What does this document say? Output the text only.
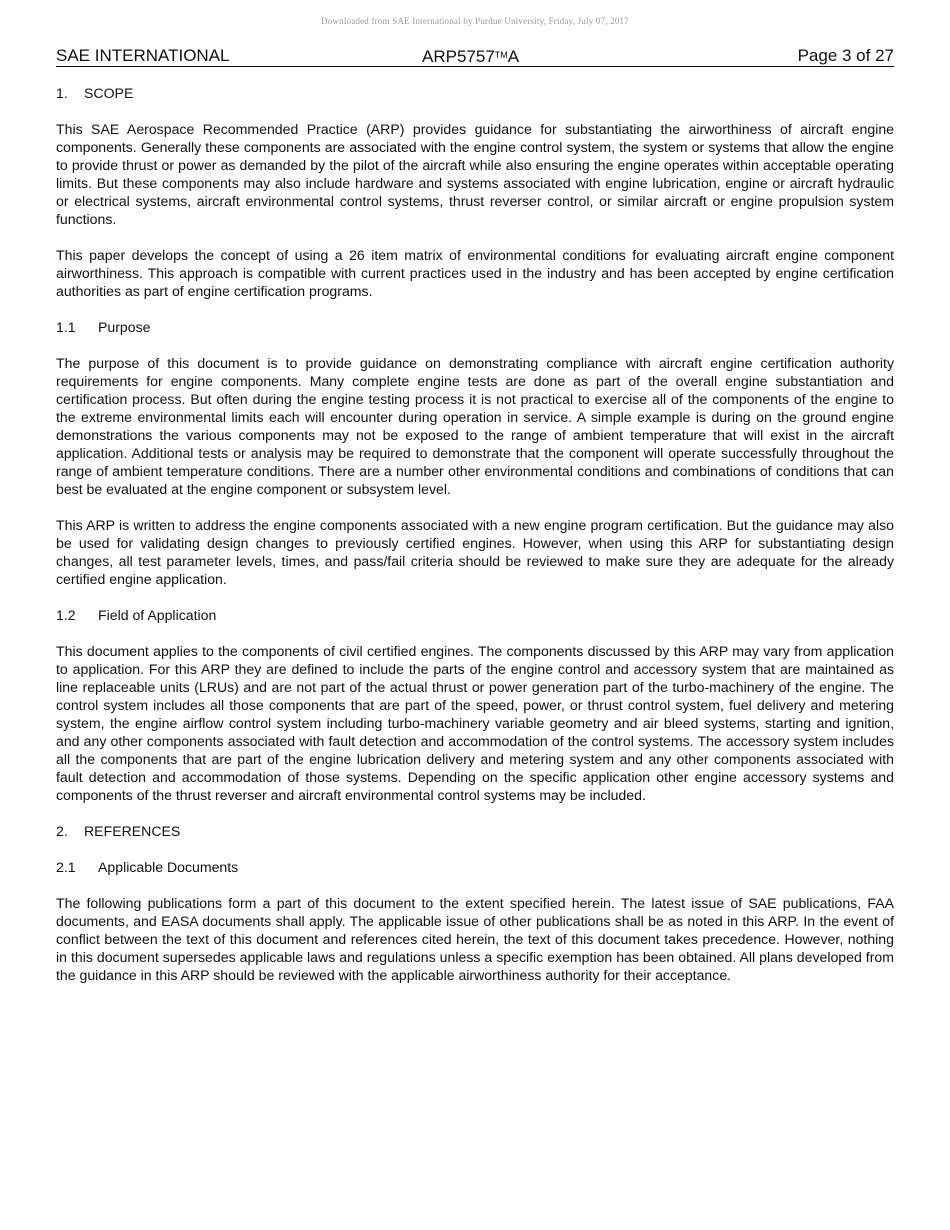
Downloaded from SAE International by Purdue University, Friday, July 07, 2017
SAE INTERNATIONAL	ARP5757™A	Page 3 of 27
1. SCOPE

This SAE Aerospace Recommended Practice (ARP) provides guidance for substantiating the airworthiness of aircraft engine components. Generally these components are associated with the engine control system, the system or systems that allow the engine to provide thrust or power as demanded by the pilot of the aircraft while also ensuring the engine operates within acceptable operating limits. But these components may also include hardware and systems associated with engine lubrication, engine or aircraft hydraulic or electrical systems, aircraft environmental control systems, thrust reverser control, or similar aircraft or engine propulsion system functions.

This paper develops the concept of using a 26 item matrix of environmental conditions for evaluating aircraft engine component airworthiness. This approach is compatible with current practices used in the industry and has been accepted by engine certification authorities as part of engine certification programs.

1.1 Purpose

The purpose of this document is to provide guidance on demonstrating compliance with aircraft engine certification authority requirements for engine components. Many complete engine tests are done as part of the overall engine substantiation and certification process. But often during the engine testing process it is not practical to exercise all of the components of the engine to the extreme environmental limits each will encounter during operation in service. A simple example is during on the ground engine demonstrations the various components may not be exposed to the range of ambient temperature that will exist in the aircraft application. Additional tests or analysis may be required to demonstrate that the component will operate successfully throughout the range of ambient temperature conditions. There are a number other environmental conditions and combinations of conditions that can best be evaluated at the engine component or subsystem level.

This ARP is written to address the engine components associated with a new engine program certification. But the guidance may also be used for validating design changes to previously certified engines. However, when using this ARP for substantiating design changes, all test parameter levels, times, and pass/fail criteria should be reviewed to make sure they are adequate for the already certified engine application.

1.2 Field of Application

This document applies to the components of civil certified engines. The components discussed by this ARP may vary from application to application. For this ARP they are defined to include the parts of the engine control and accessory system that are maintained as line replaceable units (LRUs) and are not part of the actual thrust or power generation part of the turbo-machinery of the engine. The control system includes all those components that are part of the speed, power, or thrust control system, fuel delivery and metering system, the engine airflow control system including turbo-machinery variable geometry and air bleed systems, starting and ignition, and any other components associated with fault detection and accommodation of the control systems. The accessory system includes all the components that are part of the engine lubrication delivery and metering system and any other components associated with fault detection and accommodation of those systems. Depending on the specific application other engine accessory systems and components of the thrust reverser and aircraft environmental control systems may be included.

2. REFERENCES
2.1 Applicable Documents

The following publications form a part of this document to the extent specified herein. The latest issue of SAE publications, FAA documents, and EASA documents shall apply. The applicable issue of other publications shall be as noted in this ARP. In the event of conflict between the text of this document and references cited herein, the text of this document takes precedence. However, nothing in this document supersedes applicable laws and regulations unless a specific exemption has been obtained. All plans developed from the guidance in this ARP should be reviewed with the applicable airworthiness authority for their acceptance.
